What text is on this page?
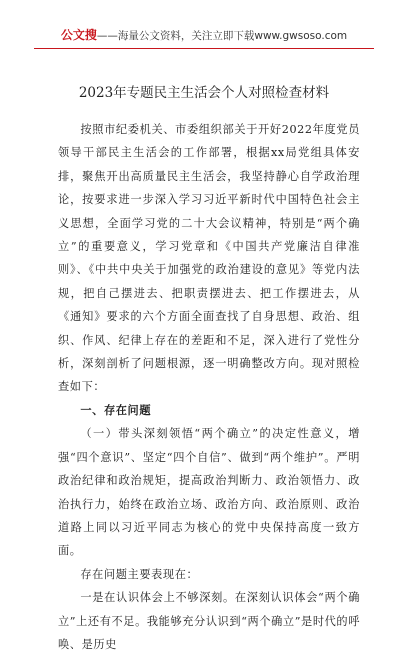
公文搜——海量公文资料，关注立即下载www.gwsoso.com
2023年专题民主生活会个人对照检查材料

按照市纪委机关、市委组织部关于开好2022年度党员领导干部民主生活会的工作部署，根据xx局党组具体安排，聚焦开出高质量民主生活会，我坚持静心自学政治理论，按要求进一步深入学习习近平新时代中国特色社会主义思想，全面学习党的二十大会议精神，特别是“两个确立”的重要意义，学习党章和《中国共产党廉洁自律准则》、《中共中央关于加强党的政治建设的意见》等党内法规，把自己摆进去、把职责摆进去、把工作摆进去，从《通知》要求的六个方面全面查找了自身思想、政治、组织、作风、纪律上存在的差距和不足，深入进行了党性分析，深刻剖析了问题根源，逐一明确整改方向。现对照检查如下：

一、存在问题

（一）带头深刻领悟“两个确立”的决定性意义，增强“四个意识”、坚定“四个自信”、做到“两个维护”。严明政治纪律和政治规矩，提高政治判断力、政治领悟力、政治执行力，始终在政治立场、政治方向、政治原则、政治道路上同以习近平同志为核心的党中央保持高度一致方面。

存在问题主要表现在：

一是在认识体会上不够深刻。在深刻认识体会“两个确立”上还有不足。我能够充分认识到“两个确立”是时代的呼唤、是历史
